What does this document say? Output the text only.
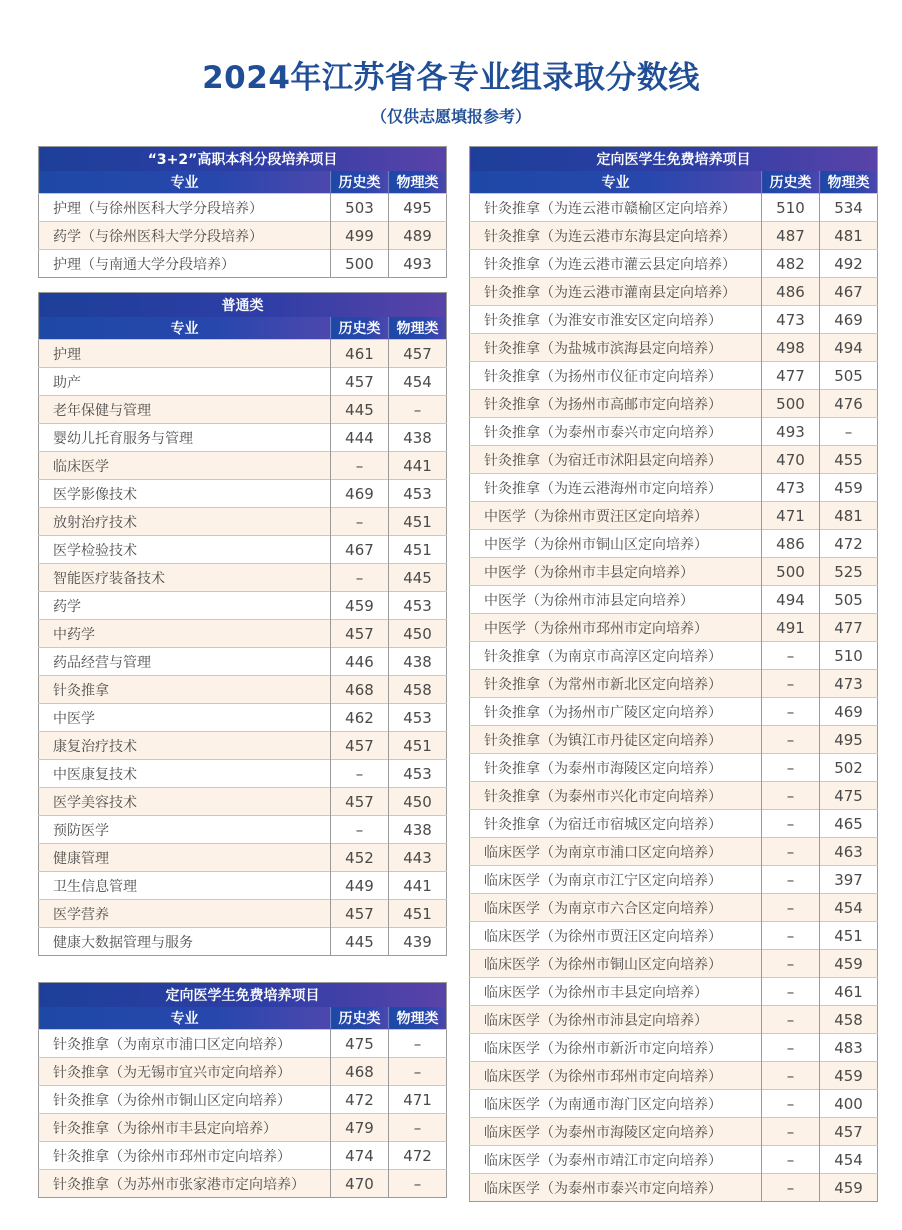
2024年江苏省各专业组录取分数线
（仅供志愿填报参考）
“3+2”高职本科分段培养项目		
专业	历史类	物理类
护理（与徐州医科大学分段培养）	503	495
药学（与徐州医科大学分段培养）	499	489
护理（与南通大学分段培养）	500	493
普通类		
专业	历史类	物理类
护理	461	457
助产	457	454
老年保健与管理	445	–
婴幼儿托育服务与管理	444	438
临床医学	–	441
医学影像技术	469	453
放射治疗技术	–	451
医学检验技术	467	451
智能医疗装备技术	–	445
药学	459	453
中药学	457	450
药品经营与管理	446	438
针灸推拿	468	458
中医学	462	453
康复治疗技术	457	451
中医康复技术	–	453
医学美容技术	457	450
预防医学	–	438
健康管理	452	443
卫生信息管理	449	441
医学营养	457	451
健康大数据管理与服务	445	439
定向医学生免费培养项目		
专业	历史类	物理类
针灸推拿（为南京市浦口区定向培养）	475	–
针灸推拿（为无锡市宜兴市定向培养）	468	–
针灸推拿（为徐州市铜山区定向培养）	472	471
针灸推拿（为徐州市丰县定向培养）	479	–
针灸推拿（为徐州市邳州市定向培养）	474	472
针灸推拿（为苏州市张家港市定向培养）	470	–
定向医学生免费培养项目		
专业	历史类	物理类
针灸推拿（为连云港市赣榆区定向培养）	510	534
针灸推拿（为连云港市东海县定向培养）	487	481
针灸推拿（为连云港市灌云县定向培养）	482	492
针灸推拿（为连云港市灌南县定向培养）	486	467
针灸推拿（为淮安市淮安区定向培养）	473	469
针灸推拿（为盐城市滨海县定向培养）	498	494
针灸推拿（为扬州市仪征市定向培养）	477	505
针灸推拿（为扬州市高邮市定向培养）	500	476
针灸推拿（为泰州市泰兴市定向培养）	493	–
针灸推拿（为宿迁市沭阳县定向培养）	470	455
针灸推拿（为连云港海州市定向培养）	473	459
中医学（为徐州市贾汪区定向培养）	471	481
中医学（为徐州市铜山区定向培养）	486	472
中医学（为徐州市丰县定向培养）	500	525
中医学（为徐州市沛县定向培养）	494	505
中医学（为徐州市邳州市定向培养）	491	477
针灸推拿（为南京市高淳区定向培养）	–	510
针灸推拿（为常州市新北区定向培养）	–	473
针灸推拿（为扬州市广陵区定向培养）	–	469
针灸推拿（为镇江市丹徒区定向培养）	–	495
针灸推拿（为泰州市海陵区定向培养）	–	502
针灸推拿（为泰州市兴化市定向培养）	–	475
针灸推拿（为宿迁市宿城区定向培养）	–	465
临床医学（为南京市浦口区定向培养）	–	463
临床医学（为南京市江宁区定向培养）	–	397
临床医学（为南京市六合区定向培养）	–	454
临床医学（为徐州市贾汪区定向培养）	–	451
临床医学（为徐州市铜山区定向培养）	–	459
临床医学（为徐州市丰县定向培养）	–	461
临床医学（为徐州市沛县定向培养）	–	458
临床医学（为徐州市新沂市定向培养）	–	483
临床医学（为徐州市邳州市定向培养）	–	459
临床医学（为南通市海门区定向培养）	–	400
临床医学（为泰州市海陵区定向培养）	–	457
临床医学（为泰州市靖江市定向培养）	–	454
临床医学（为泰州市泰兴市定向培养）	–	459
